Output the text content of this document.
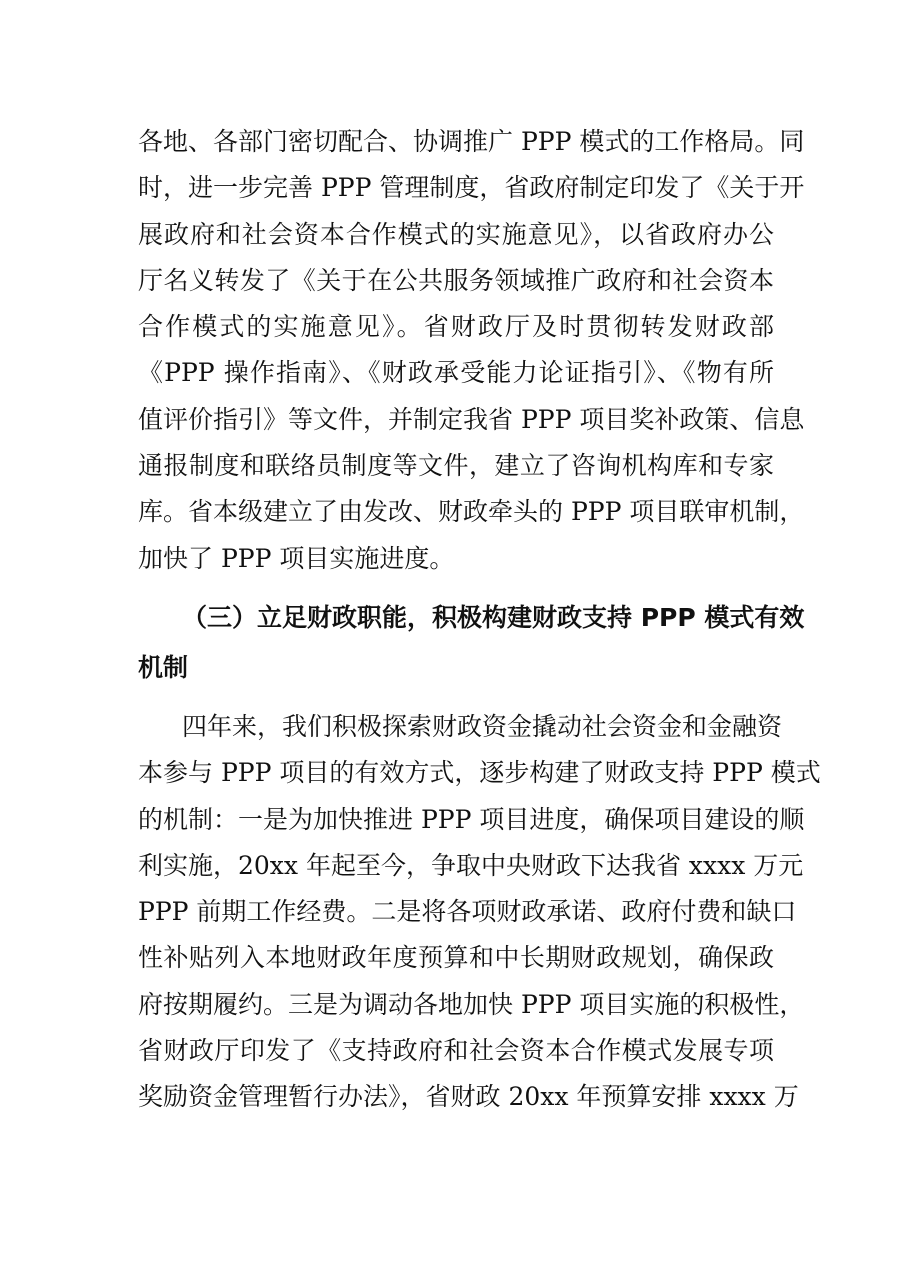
各地、各部门密切配合、协调推广 PPP 模式的工作格局。同
时，进一步完善 PPP 管理制度，省政府制定印发了《关于开
展政府和社会资本合作模式的实施意见》，以省政府办公
厅名义转发了《关于在公共服务领域推广政府和社会资本
合作模式的实施意见》。省财政厅及时贯彻转发财政部
《PPP 操作指南》、《财政承受能力论证指引》、《物有所
值评价指引》等文件，并制定我省 PPP 项目奖补政策、信息
通报制度和联络员制度等文件，建立了咨询机构库和专家
库。省本级建立了由发改、财政牵头的 PPP 项目联审机制，
加快了 PPP 项目实施进度。
（三）立足财政职能，积极构建财政支持 PPP 模式有效
机制
四年来，我们积极探索财政资金撬动社会资金和金融资
本参与 PPP 项目的有效方式，逐步构建了财政支持 PPP 模式
的机制：一是为加快推进 PPP 项目进度，确保项目建设的顺
利实施，20xx 年起至今，争取中央财政下达我省 xxxx 万元
PPP 前期工作经费。二是将各项财政承诺、政府付费和缺口
性补贴列入本地财政年度预算和中长期财政规划，确保政
府按期履约。三是为调动各地加快 PPP 项目实施的积极性，
省财政厅印发了《支持政府和社会资本合作模式发展专项
奖励资金管理暂行办法》，省财政 20xx 年预算安排 xxxx 万
